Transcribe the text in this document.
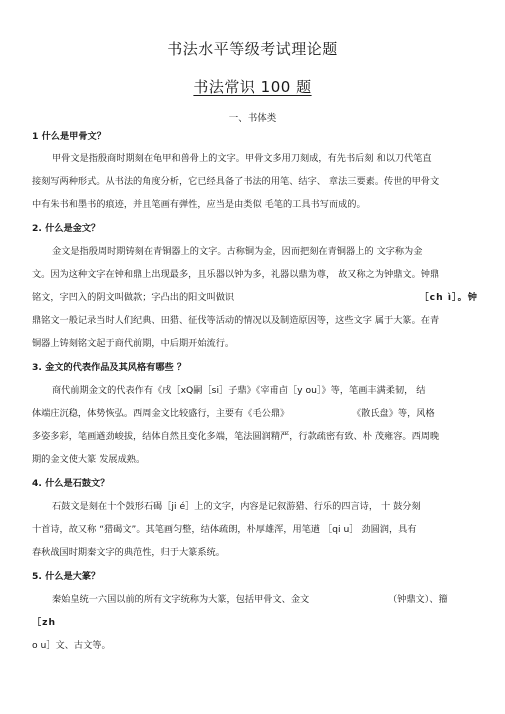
书法水平等级考试理论题
书法常识 100 题
一、书体类
1 什么是甲骨文？
甲骨文是指殷商时期刻在龟甲和兽骨上的文字。甲骨文多用刀刻成，有先书后刻 和以刀代笔直
接刻写两种形式。从书法的角度分析，它已经具备了书法的用笔、结字、 章法三要素。传世的甲骨文
中有朱书和墨书的痕迹，并且笔画有弹性，应当是由类似 毛笔的工具书写而成的。
2. 什么是金文？
金文是指殷周时期铸刻在青铜器上的文字。古称铜为金，因而把刻在青铜器上的 文字称为金
文。因为这种文字在钟和鼎上出现最多，且乐器以钟为多，礼器以鼎为尊， 故又称之为钟鼎文。钟鼎
铭文，字凹入的阴文叫做款；字凸出的阳文叫做识	［ch ì］。钟
鼎铭文一般记录当时人们纪典、田猎、征伐等活动的情况以及制造原因等，这些文字 属于大篆。在青
铜器上铸刻铭文起于商代前期，中后期开始流行。
3. 金文的代表作品及其风格有哪些 ？
商代前期金文的代表作有《戌［xQ嗣［si］子鼎》《宰甫卣［y ou］》等，笔画丰满柔韧， 结
体端庄沉稳，体势恢弘。西周金文比较盛行，主要有《毛公鼎》	《散氏盘》等，风格
多姿多彩，笔画遒劲峻拔，结体自然且变化多端，笔法圆润精严，行款疏密有致、朴 茂雍容。西周晚
期的金文使大篆 发展成熟。
4. 什么是石鼓文？
石鼓文是刻在十个鼓形石碣［ji é］上的文字，内容是记叙游猎、行乐的四言诗， 十 鼓分刻
十首诗，故又称 “猎碣文”。其笔画匀整，结体疏朗，朴厚雄浑，用笔遒 ［qi u］ 劲圆润，具有
春秋战国时期秦文字的典范性，归于大篆系统。
5. 什么是大篆？
秦始皇统一六国以前的所有文字统称为大篆，包括甲骨文、金文	（钟鼎文）、籀
［zh
o u］文、古文等。
